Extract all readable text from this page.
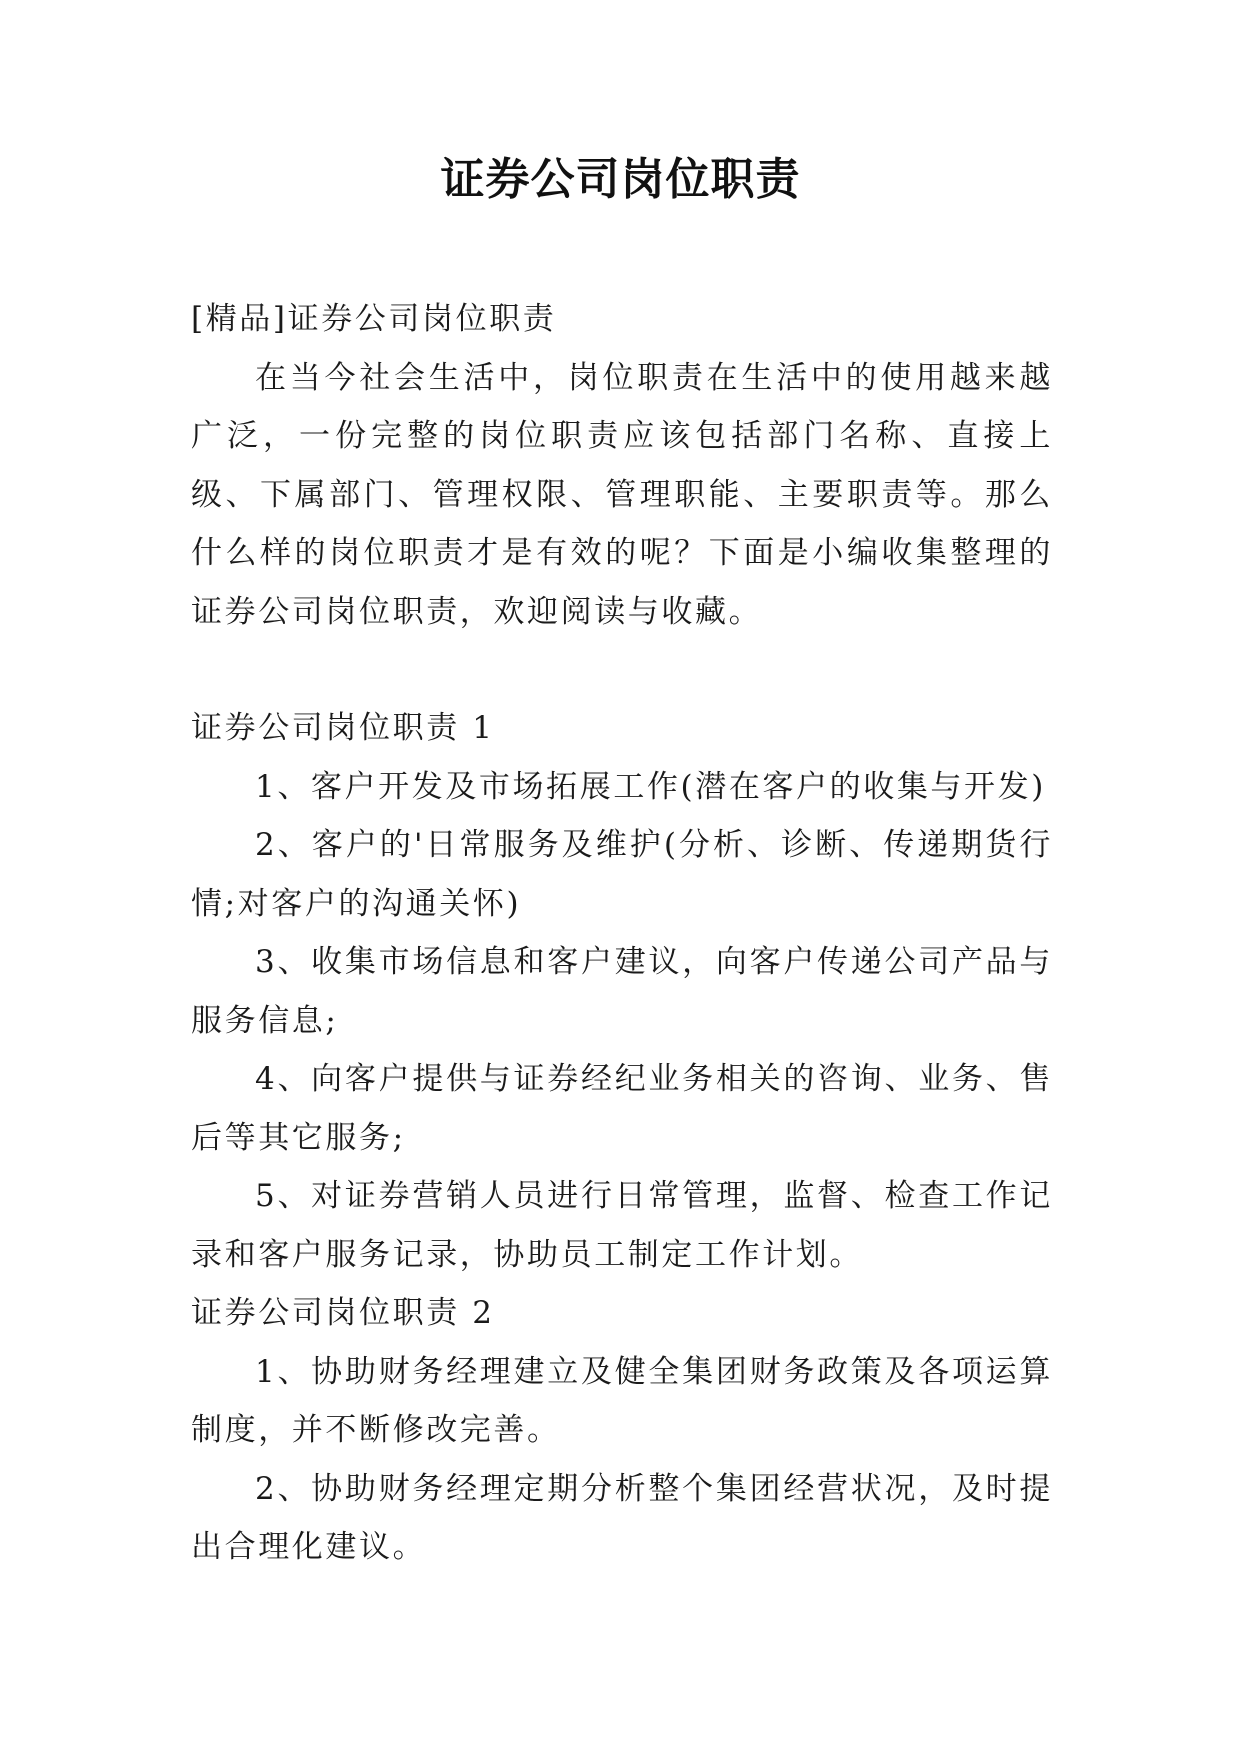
证券公司岗位职责

[精品]证券公司岗位职责

在当今社会生活中，岗位职责在生活中的使用越来越广泛，一份完整的岗位职责应该包括部门名称、直接上级、下属部门、管理权限、管理职能、主要职责等。那么什么样的岗位职责才是有效的呢？下面是小编收集整理的证券公司岗位职责，欢迎阅读与收藏。

证券公司岗位职责 1

1、客户开发及市场拓展工作(潜在客户的收集与开发)

2、客户的'日常服务及维护(分析、诊断、传递期货行情;对客户的沟通关怀)

3、收集市场信息和客户建议，向客户传递公司产品与服务信息;

4、向客户提供与证券经纪业务相关的咨询、业务、售后等其它服务;

5、对证券营销人员进行日常管理，监督、检查工作记录和客户服务记录，协助员工制定工作计划。

证券公司岗位职责 2

1、协助财务经理建立及健全集团财务政策及各项运算制度，并不断修改完善。

2、协助财务经理定期分析整个集团经营状况，及时提出合理化建议。
